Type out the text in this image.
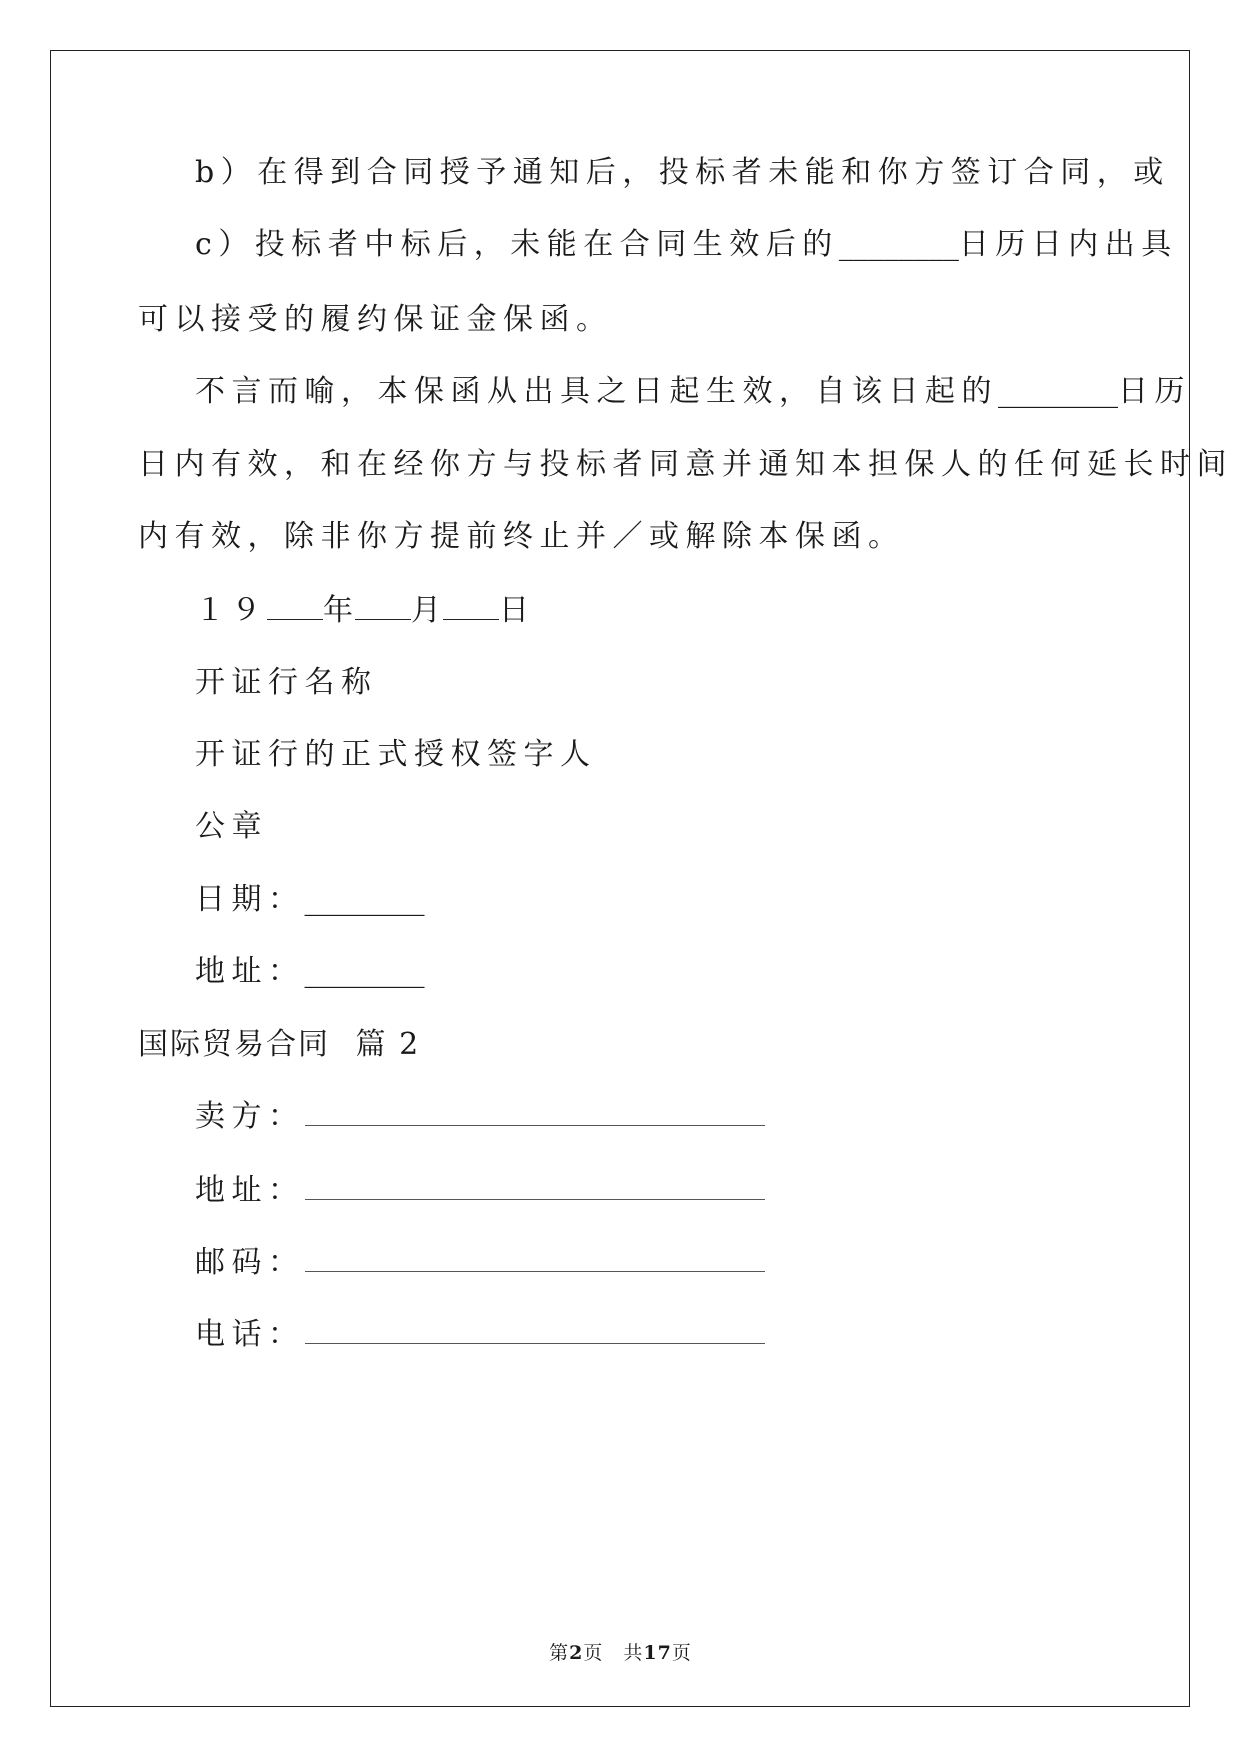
b）在得到合同授予通知后，投标者未能和你方签订合同，或
c）投标者中标后，未能在合同生效后的________日历日内出具
可以接受的履约保证金保函。
不言而喻，本保函从出具之日起生效，自该日起的________日历
日内有效，和在经你方与投标者同意并通知本担保人的任何延长时间
内有效，除非你方提前终止并／或解除本保函。
１９ 年 月 日
开证行名称
开证行的正式授权签字人
公章
日期：________
地址：________
国际贸易合同 篇 2
卖方：
地址：
邮码：
电话：
第2页　共17页
